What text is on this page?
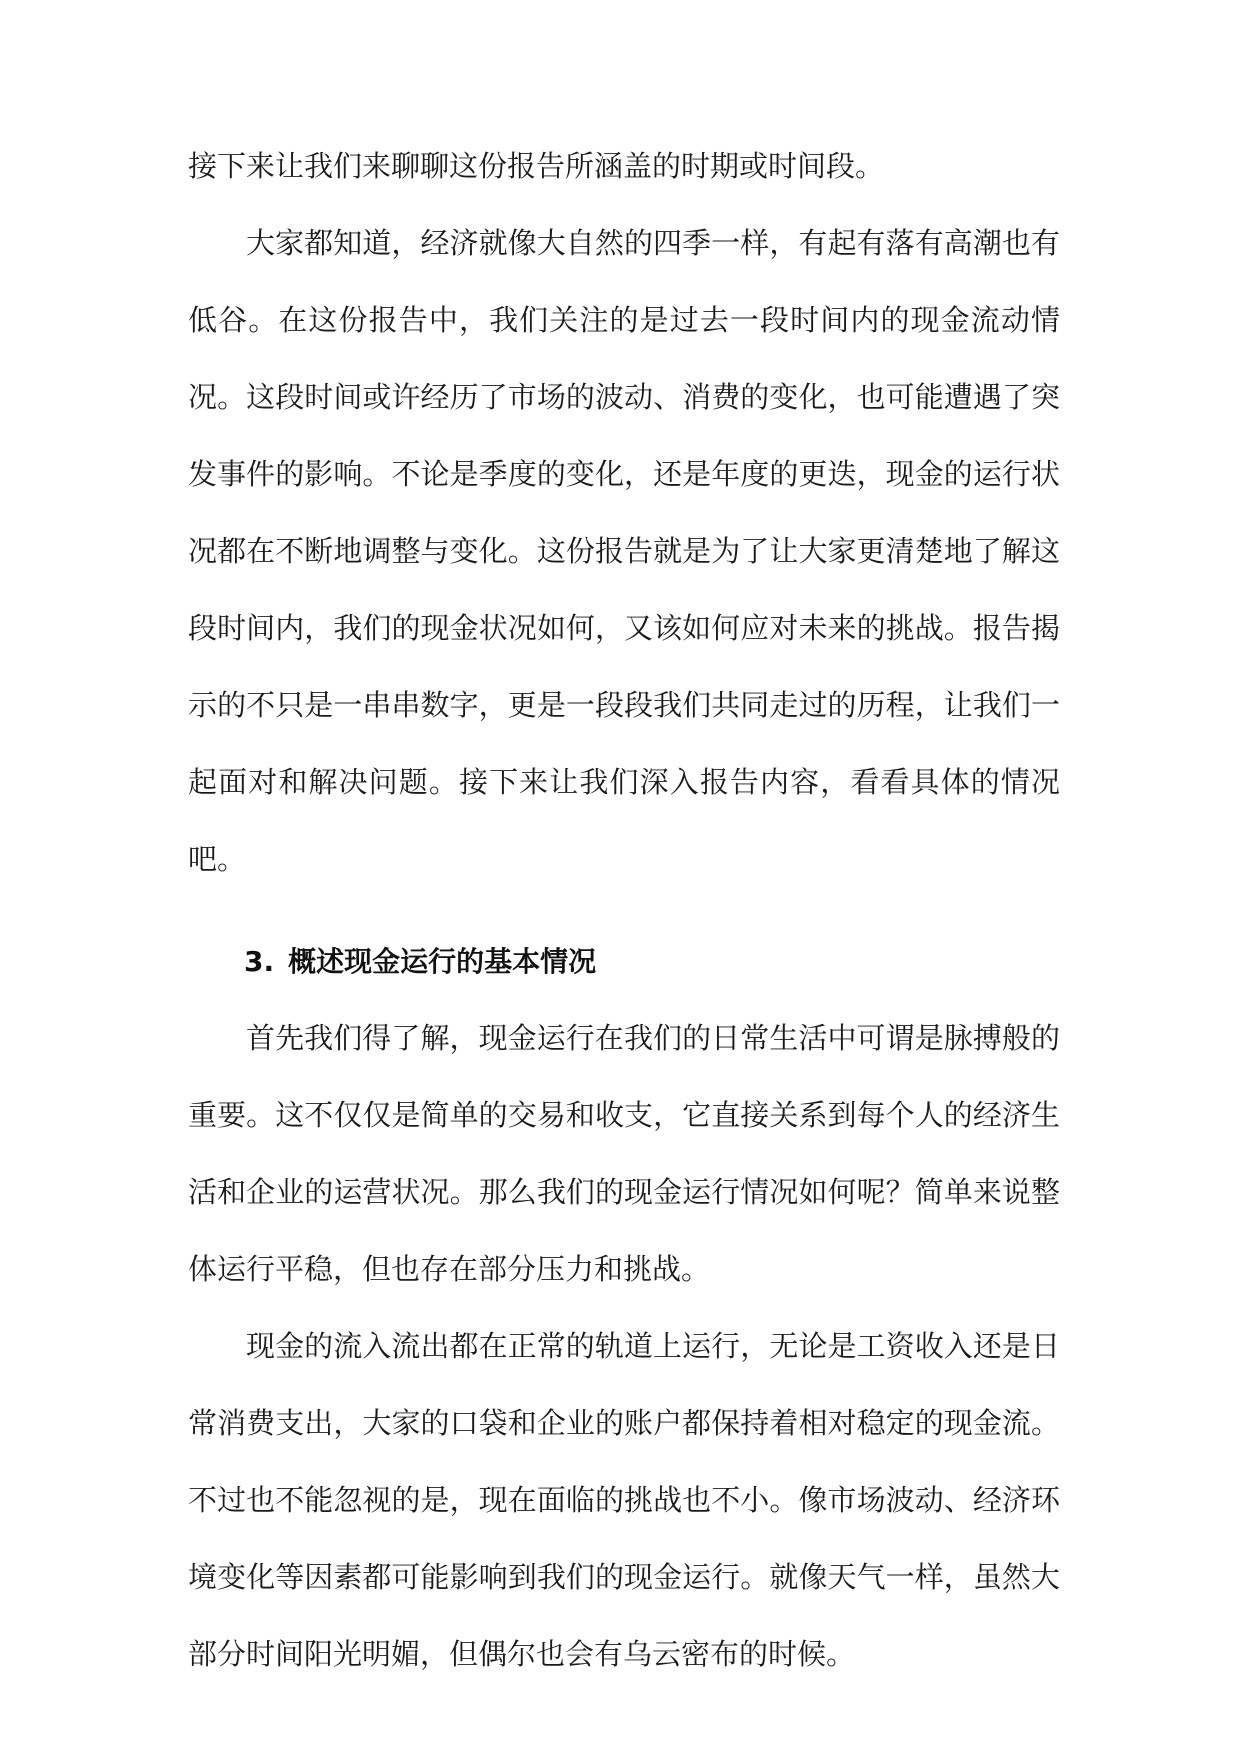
接下来让我们来聊聊这份报告所涵盖的时期或时间段。

大家都知道，经济就像大自然的四季一样，有起有落有高潮也有低谷。在这份报告中，我们关注的是过去一段时间内的现金流动情况。这段时间或许经历了市场的波动、消费的变化，也可能遭遇了突发事件的影响。不论是季度的变化，还是年度的更迭，现金的运行状况都在不断地调整与变化。这份报告就是为了让大家更清楚地了解这段时间内，我们的现金状况如何，又该如何应对未来的挑战。报告揭示的不只是一串串数字，更是一段段我们共同走过的历程，让我们一起面对和解决问题。接下来让我们深入报告内容，看看具体的情况吧。

3. 概述现金运行的基本情况

首先我们得了解，现金运行在我们的日常生活中可谓是脉搏般的重要。这不仅仅是简单的交易和收支，它直接关系到每个人的经济生活和企业的运营状况。那么我们的现金运行情况如何呢？简单来说整体运行平稳，但也存在部分压力和挑战。

现金的流入流出都在正常的轨道上运行，无论是工资收入还是日常消费支出，大家的口袋和企业的账户都保持着相对稳定的现金流。不过也不能忽视的是，现在面临的挑战也不小。像市场波动、经济环境变化等因素都可能影响到我们的现金运行。就像天气一样，虽然大部分时间阳光明媚，但偶尔也会有乌云密布的时候。
